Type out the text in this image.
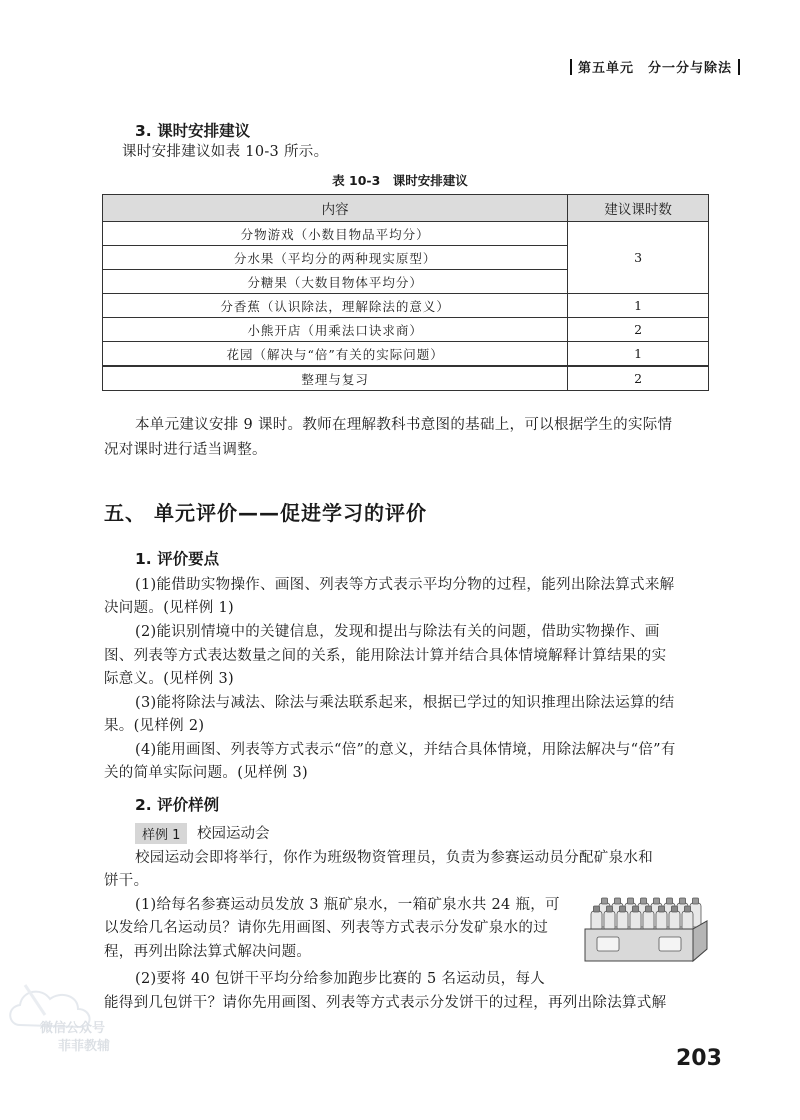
第五单元　 分一分与除法
3. 课时安排建议
课时安排建议如表 10-3 所示。
表 10-3　课时安排建议
内容	建议课时数
分物游戏（小数目物品平均分）	3
分水果（平均分的两种现实原型）	
分糖果（大数目物体平均分）	
分香蕉（认识除法，理解除法的意义）	1
小熊开店（用乘法口诀求商）	2
花园（解决与“倍”有关的实际问题）	1
整理与复习	2
本单元建议安排 9 课时。教师在理解教科书意图的基础上，可以根据学生的实际情
况对课时进行适当调整。
五、 单元评价——促进学习的评价
1. 评价要点
(1)能借助实物操作、画图、列表等方式表示平均分物的过程，能列出除法算式来解
决问题。(见样例 1)
(2)能识别情境中的关键信息，发现和提出与除法有关的问题，借助实物操作、画
图、列表等方式表达数量之间的关系，能用除法计算并结合具体情境解释计算结果的实
际意义。(见样例 3)
(3)能将除法与减法、除法与乘法联系起来，根据已学过的知识推理出除法运算的结
果。(见样例 2)
(4)能用画图、列表等方式表示“倍”的意义，并结合具体情境，用除法解决与“倍”有
关的简单实际问题。(见样例 3)
2. 评价样例
样例 1	校园运动会
校园运动会即将举行，你作为班级物资管理员，负责为参赛运动员分配矿泉水和
饼干。
(1)给每名参赛运动员发放 3 瓶矿泉水，一箱矿泉水共 24 瓶，可
以发给几名运动员？请你先用画图、列表等方式表示分发矿泉水的过
程，再列出除法算式解决问题。
(2)要将 40 包饼干平均分给参加跑步比赛的 5 名运动员，每人
能得到几包饼干？请你先用画图、列表等方式表示分发饼干的过程，再列出除法算式解
微信公众号
菲菲教辅	203
